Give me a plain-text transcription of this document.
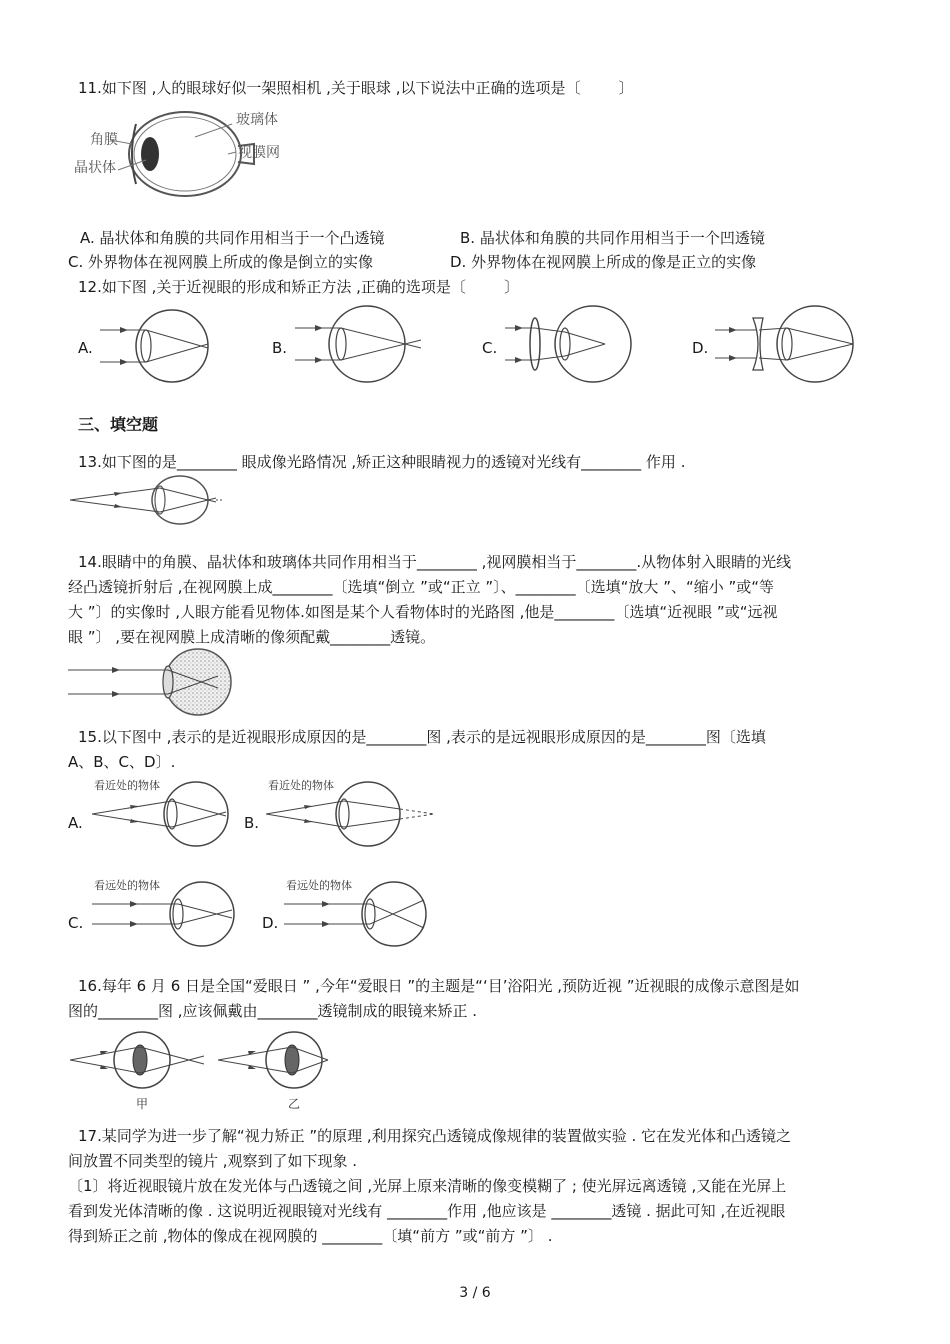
11.如下图 ,人的眼球好似一架照相机 ,关于眼球 ,以下说法中正确的选项是〔        〕
角膜
晶状体
玻璃体
视膜网
A. 晶状体和角膜的共同作用相当于一个凸透镜	B. 晶状体和角膜的共同作用相当于一个凹透镜
C. 外界物体在视网膜上所成的像是倒立的实像	D. 外界物体在视网膜上所成的像是正立的实像
12.如下图 ,关于近视眼的形成和矫正方法 ,正确的选项是〔        〕
A.	B.	C.	D.
三、填空题
13.如下图的是________ 眼成像光路情况 ,矫正这种眼睛视力的透镜对光线有________ 作用 .
14.眼睛中的角膜、晶状体和玻璃体共同作用相当于________ ,视网膜相当于________.从物体射入眼睛的光线
经凸透镜折射后 ,在视网膜上成________〔选填“倒立 ”或“正立 ”〕、________〔选填“放大 ”、“缩小 ”或“等
大 ”〕的实像时 ,人眼方能看见物体.如图是某个人看物体时的光路图 ,他是________〔选填“近视眼 ”或“远视
眼 ”〕 ,要在视网膜上成清晰的像须配戴________透镜。
15.以下图中 ,表示的是近视眼形成原因的是________图 ,表示的是远视眼形成原因的是________图〔选填
A、B、C、D〕.
A.
看近处的物体
B.
看近处的物体
C.
看远处的物体
D.
看远处的物体
16.每年 6 月 6 日是全国“爱眼日 ” ,今年“爱眼日 ”的主题是“‘目’浴阳光 ,预防近视 ”近视眼的成像示意图是如
图的________图 ,应该佩戴由________透镜制成的眼镜来矫正 .
甲	乙
17.某同学为进一步了解“视力矫正 ”的原理 ,利用探究凸透镜成像规律的装置做实验 . 它在发光体和凸透镜之
间放置不同类型的镜片 ,观察到了如下现象 .
〔1〕将近视眼镜片放在发光体与凸透镜之间 ,光屏上原来清晰的像变模糊了 ; 使光屏远离透镜 ,又能在光屏上
看到发光体清晰的像 . 这说明近视眼镜对光线有 ________作用 ,他应该是 ________透镜 . 据此可知 ,在近视眼
得到矫正之前 ,物体的像成在视网膜的 ________〔填“前方 ”或“前方 ”〕 .
3 / 6
